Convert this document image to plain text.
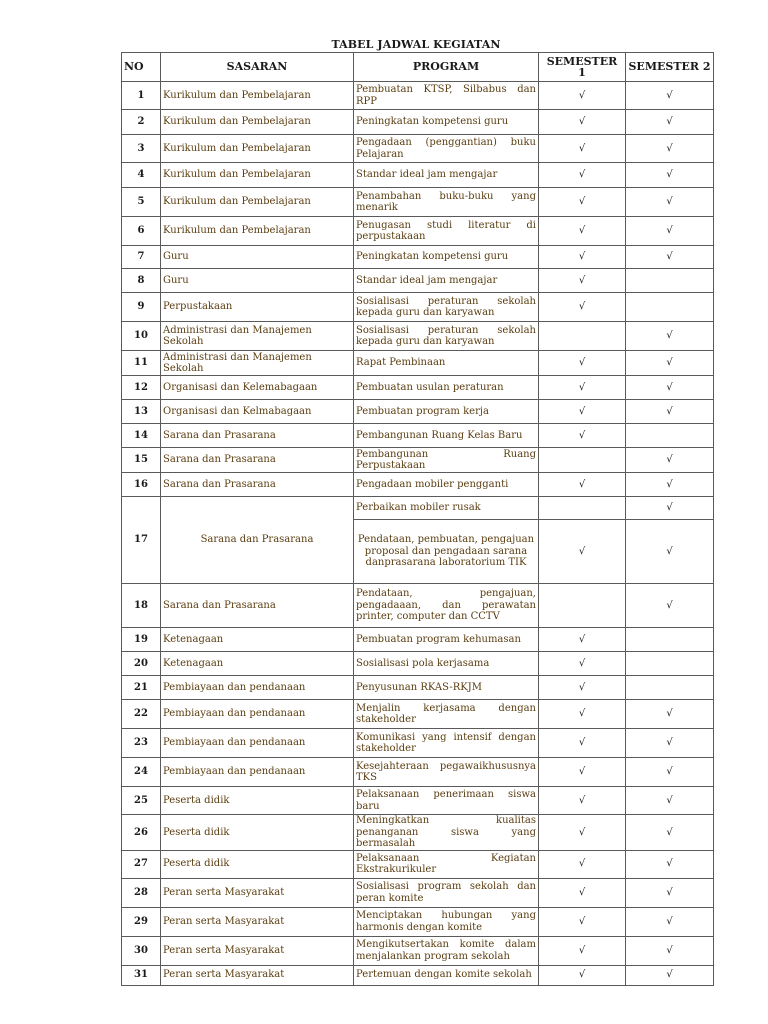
TABEL JADWAL KEGIATAN
NO	SASARAN	PROGRAM	SEMESTER 1	SEMESTER 2
1	Kurikulum dan Pembelajaran	Pembuatan KTSP, Silbabus dan RPP	√	√
2	Kurikulum dan Pembelajaran	Peningkatan kompetensi guru	√	√
3	Kurikulum dan Pembelajaran	Pengadaan (penggantian) buku Pelajaran	√	√
4	Kurikulum dan Pembelajaran	Standar ideal jam mengajar	√	√
5	Kurikulum dan Pembelajaran	Penambahan buku-buku yang menarik	√	√
6	Kurikulum dan Pembelajaran	Penugasan studi literatur di perpustakaan	√	√
7	Guru	Peningkatan kompetensi guru	√	√
8	Guru	Standar ideal jam mengajar	√	
9	Perpustakaan	Sosialisasi peraturan sekolah kepada guru dan karyawan	√	
10	Administrasi dan Manajemen Sekolah	Sosialisasi peraturan sekolah kepada guru dan karyawan		√
11	Administrasi dan Manajemen Sekolah	Rapat Pembinaan	√	√
12	Organisasi dan Kelemabagaan	Pembuatan usulan peraturan	√	√
13	Organisasi dan Kelmabagaan	Pembuatan program kerja	√	√
14	Sarana dan Prasarana	Pembangunan Ruang Kelas Baru	√	
15	Sarana dan Prasarana	Pembangunan Ruang Perpustakaan		√
16	Sarana dan Prasarana	Pengadaan mobiler pengganti	√	√
17	Sarana dan Prasarana	Perbaikan mobiler rusak		√
		Pendataan, pembuatan, pengajuan proposal dan pengadaan sarana danprasarana laboratorium TIK	√	√
18	Sarana dan Prasarana	Pendataan, pengajuan, pengadaaan, dan perawatan printer, computer dan CCTV		√
19	Ketenagaan	Pembuatan program kehumasan	√	
20	Ketenagaan	Sosialisasi pola kerjasama	√	
21	Pembiayaan dan pendanaan	Penyusunan RKAS-RKJM	√	
22	Pembiayaan dan pendanaan	Menjalin kerjasama dengan stakeholder	√	√
23	Pembiayaan dan pendanaan	Komunikasi yang intensif dengan stakeholder	√	√
24	Pembiayaan dan pendanaan	Kesejahteraan pegawaikhususnya TKS	√	√
25	Peserta didik	Pelaksanaan penerimaan siswa baru	√	√
26	Peserta didik	Meningkatkan kualitas penanganan siswa yang bermasalah	√	√
27	Peserta didik	Pelaksanaan Kegiatan Ekstrakurikuler	√	√
28	Peran serta Masyarakat	Sosialisasi program sekolah dan peran komite	√	√
29	Peran serta Masyarakat	Menciptakan hubungan yang harmonis dengan komite	√	√
30	Peran serta Masyarakat	Mengikutsertakan komite dalam menjalankan program sekolah	√	√
31	Peran serta Masyarakat	Pertemuan dengan komite sekolah	√	√
